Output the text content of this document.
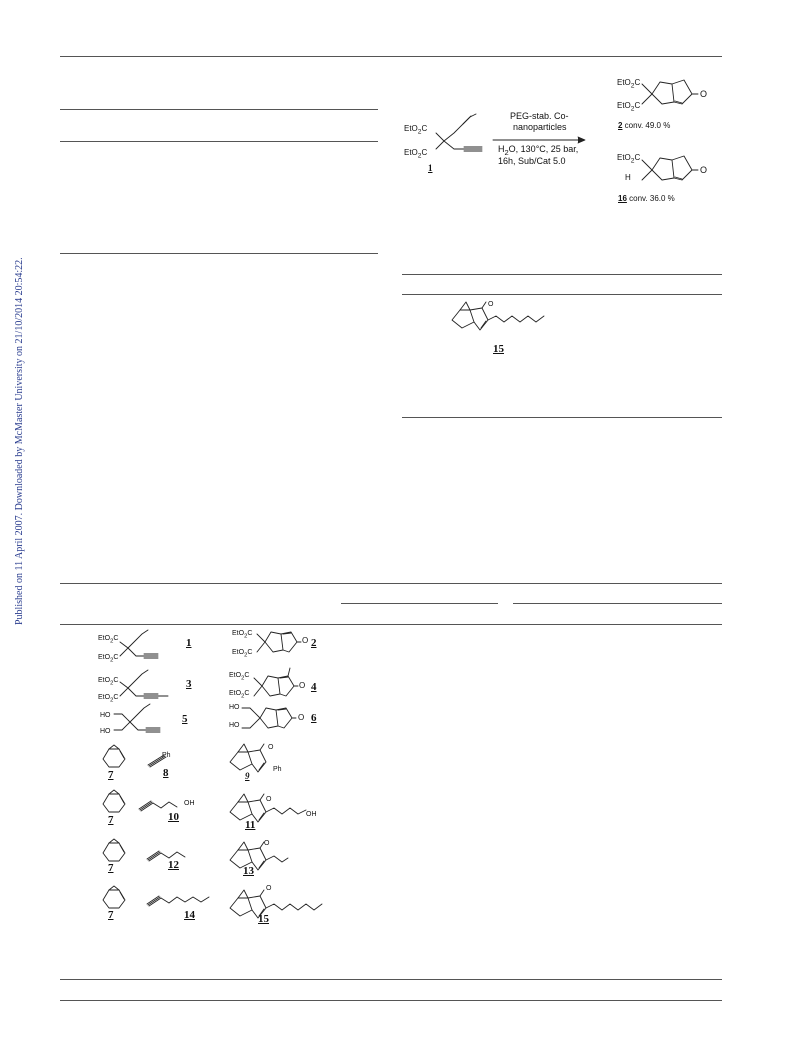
Published on 11 April 2007. Downloaded by McMaster University on 21/10/2014 20:54:22.
EtO$_2$C
EtO$_2$C
1
PEG-stab. Co-
nanoparticles
$H_2O$, 130°C, 25 bar,
16h, Sub/Cat 5.0
EtO$_2$C
EtO$_2$C
O
2 conv. 49.0 %
EtO$_2$C
H
O
16 conv. 36.0 %
O
15
EtO$_2$C
EtO$_2$C
1
EtO$_2$C
EtO$_2$C
O 2
EtO$_2$C
EtO$_2$C
3
EtO$_2$C
EtO$_2$C
O 4
HO
HO
5
HO
HO
O 6
7
Ph
8
O
Ph
9
7
OH
10
O
OH
11
7	12
O
13
7	14
O
15
